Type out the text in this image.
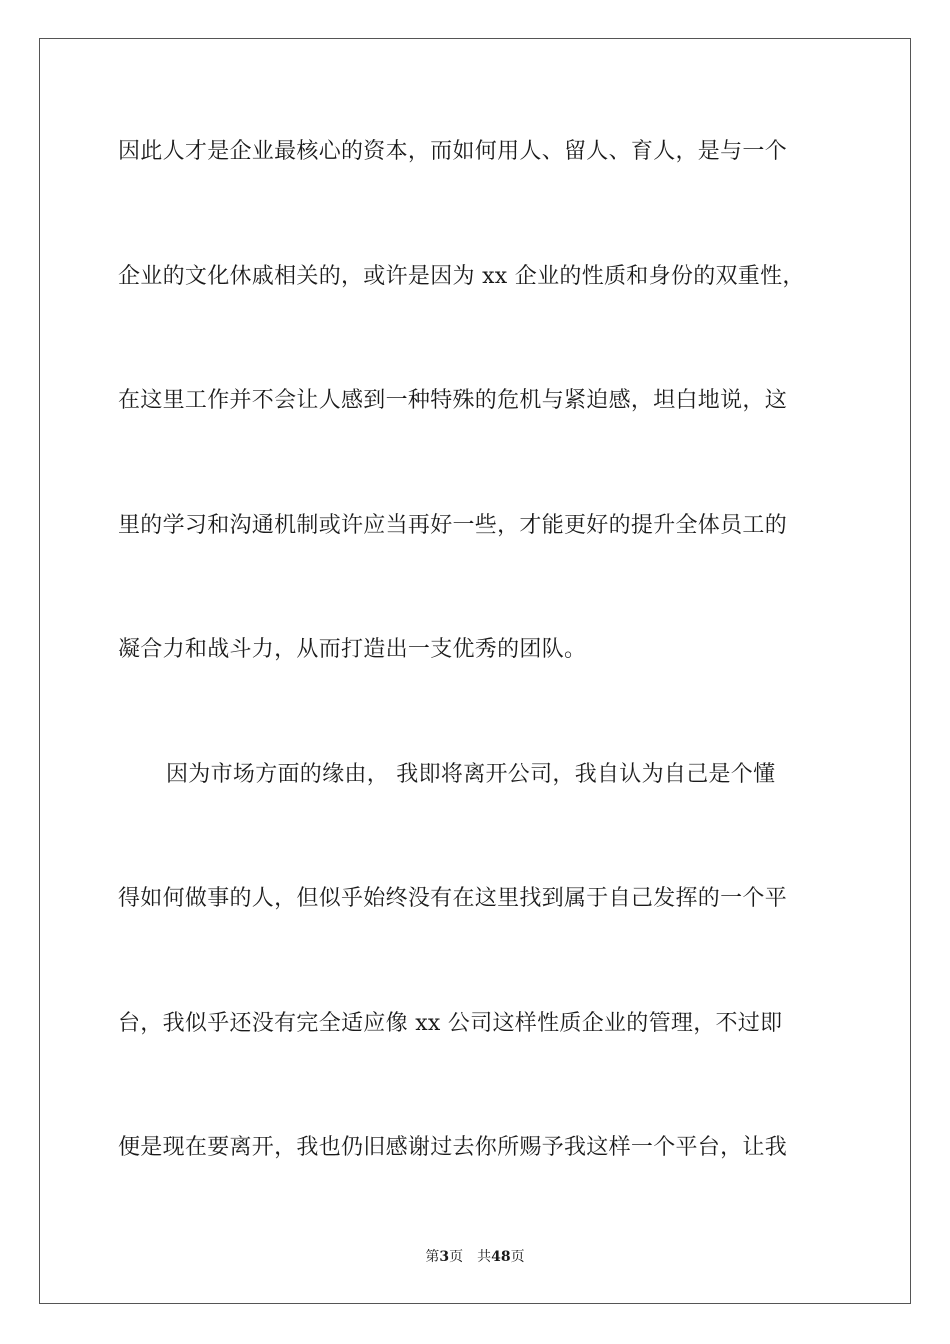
因此人才是企业最核心的资本，而如何用人、留人、育人，是与一个
企业的文化休戚相关的，或许是因为 xx 企业的性质和身份的双重性，
在这里工作并不会让人感到一种特殊的危机与紧迫感，坦白地说，这
里的学习和沟通机制或许应当再好一些，才能更好的提升全体员工的
凝合力和战斗力，从而打造出一支优秀的团队。
因为市场方面的缘由， 我即将离开公司，我自认为自己是个懂
得如何做事的人，但似乎始终没有在这里找到属于自己发挥的一个平
台，我似乎还没有完全适应像 xx 公司这样性质企业的管理，不过即
便是现在要离开，我也仍旧感谢过去你所赐予我这样一个平台，让我
第3页 共48页
